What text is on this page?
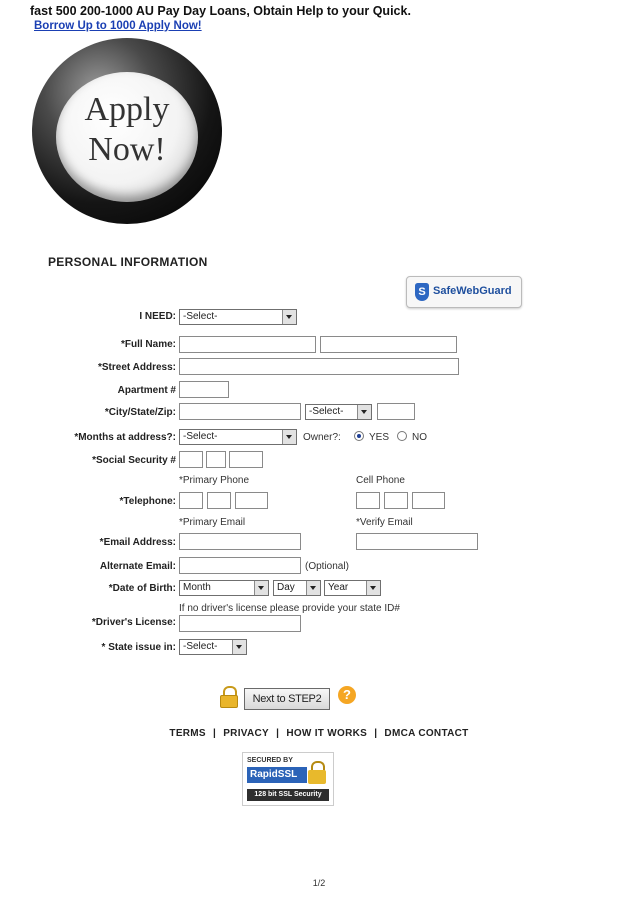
fast 500 200-1000 AU Pay Day Loans, Obtain Help to your Quick.
Borrow Up to 1000 Apply Now!
Apply
Now!
PERSONAL INFORMATION
S SafeWebGuard
I NEED: -Select-
*Full Name:
*Street Address:
Apartment #
*City/State/Zip:	-Select-
*Months at address?: -Select-	Owner?:	YES NO
*Social Security #
*Primary Phone	Cell Phone
*Telephone:
*Primary Email	*Verify Email
*Email Address:
Alternate Email:	(Optional)
*Date of Birth: Month	Day	Year
If no driver's license please provide your state ID#
*Driver's License:
* State issue in: -Select-
Next to STEP2	?
TERMS | PRIVACY | HOW IT WORKS | DMCA CONTACT
SECURED BY
RapidSSL
128 bit SSL Security
1/2
